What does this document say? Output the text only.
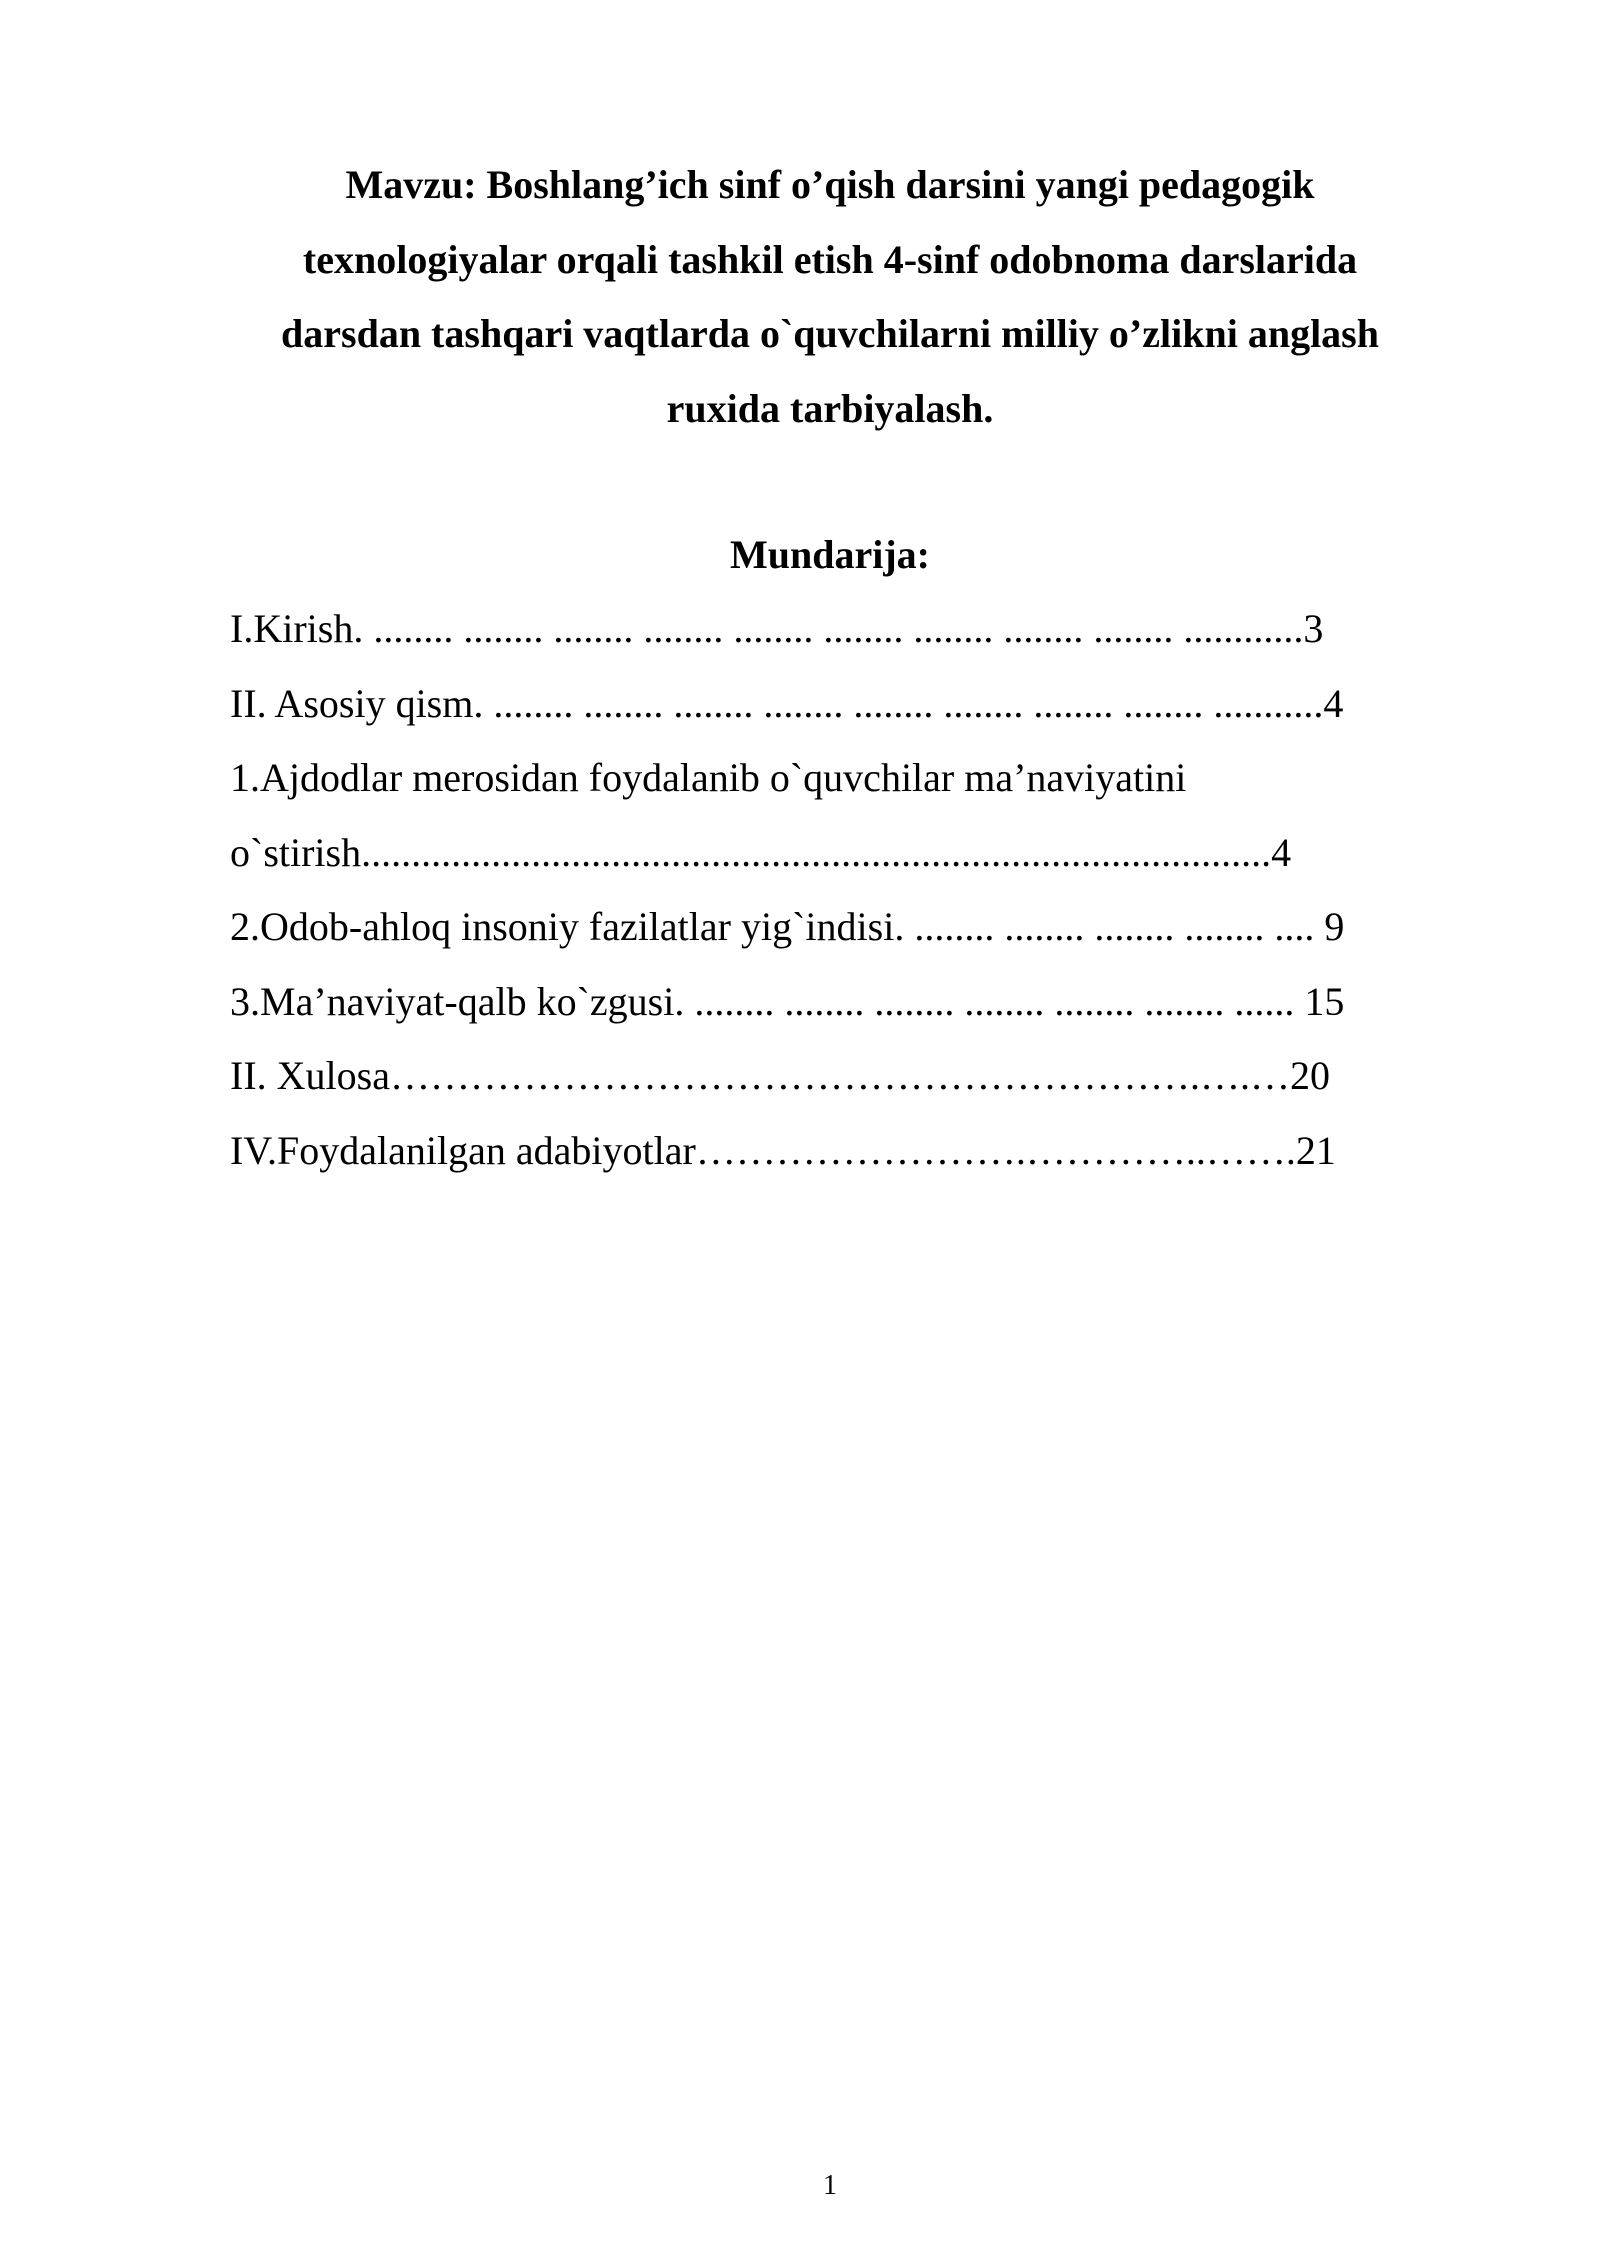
Mavzu: Boshlang’ich sinf o’qish darsini yangi pedagogik
texnologiyalar orqali tashkil etish 4-sinf odobnoma darslarida
darsdan tashqari vaqtlarda o`quvchilarni milliy o’zlikni anglash
ruxida tarbiyalash.
Mundarija:
I.Kirish. ........ ........ ........ ........ ........ ........ ........ ........ ........ ............3
II. Asosiy qism. ........ ........ ........ ........ ........ ........ ........ ........ ...........4
1.Ajdodlar merosidan foydalanib o`quvchilar ma’naviyatini
o`stirish...........................................................................................4
2.Odob-ahloq insoniy fazilatlar yig`indisi. ........ ........ ........ ........ .... 9
3.Ma’naviyat-qalb ko`zgusi. ........ ........ ........ ........ ........ ........ ...... 15
II. Xulosa…………………………………………………….….…20
IV.Foydalanilgan adabiyotlar…………………….…………..…….21
1
